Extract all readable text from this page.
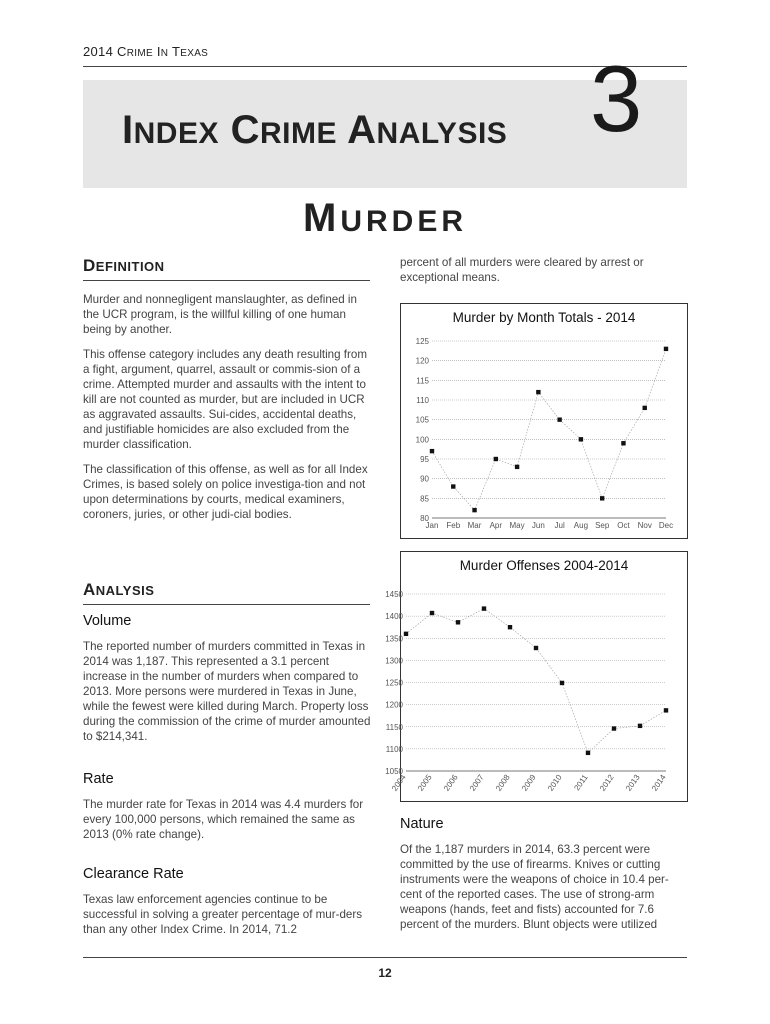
2014 CRIME IN TEXAS
INDEX CRIME ANALYSIS 3
MURDER
DEFINITION
Murder and nonnegligent manslaughter, as defined in the UCR program, is the willful killing of one human being by another.
This offense category includes any death resulting from a fight, argument, quarrel, assault or commis-sion of a crime. Attempted murder and assaults with the intent to kill are not counted as murder, but are included in UCR as aggravated assaults. Sui-cides, accidental deaths, and justifiable homicides are also excluded from the murder classification.
The classification of this offense, as well as for all Index Crimes, is based solely on police investiga-tion and not upon determinations by courts, medical examiners, coroners, juries, or other judi-cial bodies.
ANALYSIS
Volume
The reported number of murders committed in Texas in 2014 was 1,187. This represented a 3.1 percent increase in the number of murders when compared to 2013. More persons were murdered in Texas in June, while the fewest were killed during March. Property loss during the commission of the crime of murder amounted to $214,341.
Rate
The murder rate for Texas in 2014 was 4.4 murders for every 100,000 persons, which remained the same as 2013 (0% rate change).
Clearance Rate
Texas law enforcement agencies continue to be successful in solving a greater percentage of mur-ders than any other Index Crime. In 2014, 71.2
percent of all murders were cleared by arrest or exceptional means.
Murder by Month Totals - 2014
80
85
90
95
100
105
110
115
120
125
Jan Feb Mar Apr May Jun Jul Aug Sep Oct Nov Dec
Murder Offenses 2004-2014
1050
1100
1150
1200
1250
1300
1350
1400
1450
2004 2005 2006 2007 2008 2009 2010 2011 2012 2013 2014
Nature
Of the 1,187 murders in 2014, 63.3 percent were committed by the use of firearms. Knives or cutting instruments were the weapons of choice in 10.4 per-cent of the reported cases. The use of strong-arm weapons (hands, feet and fists) accounted for 7.6 percent of the murders. Blunt objects were utilized
12
